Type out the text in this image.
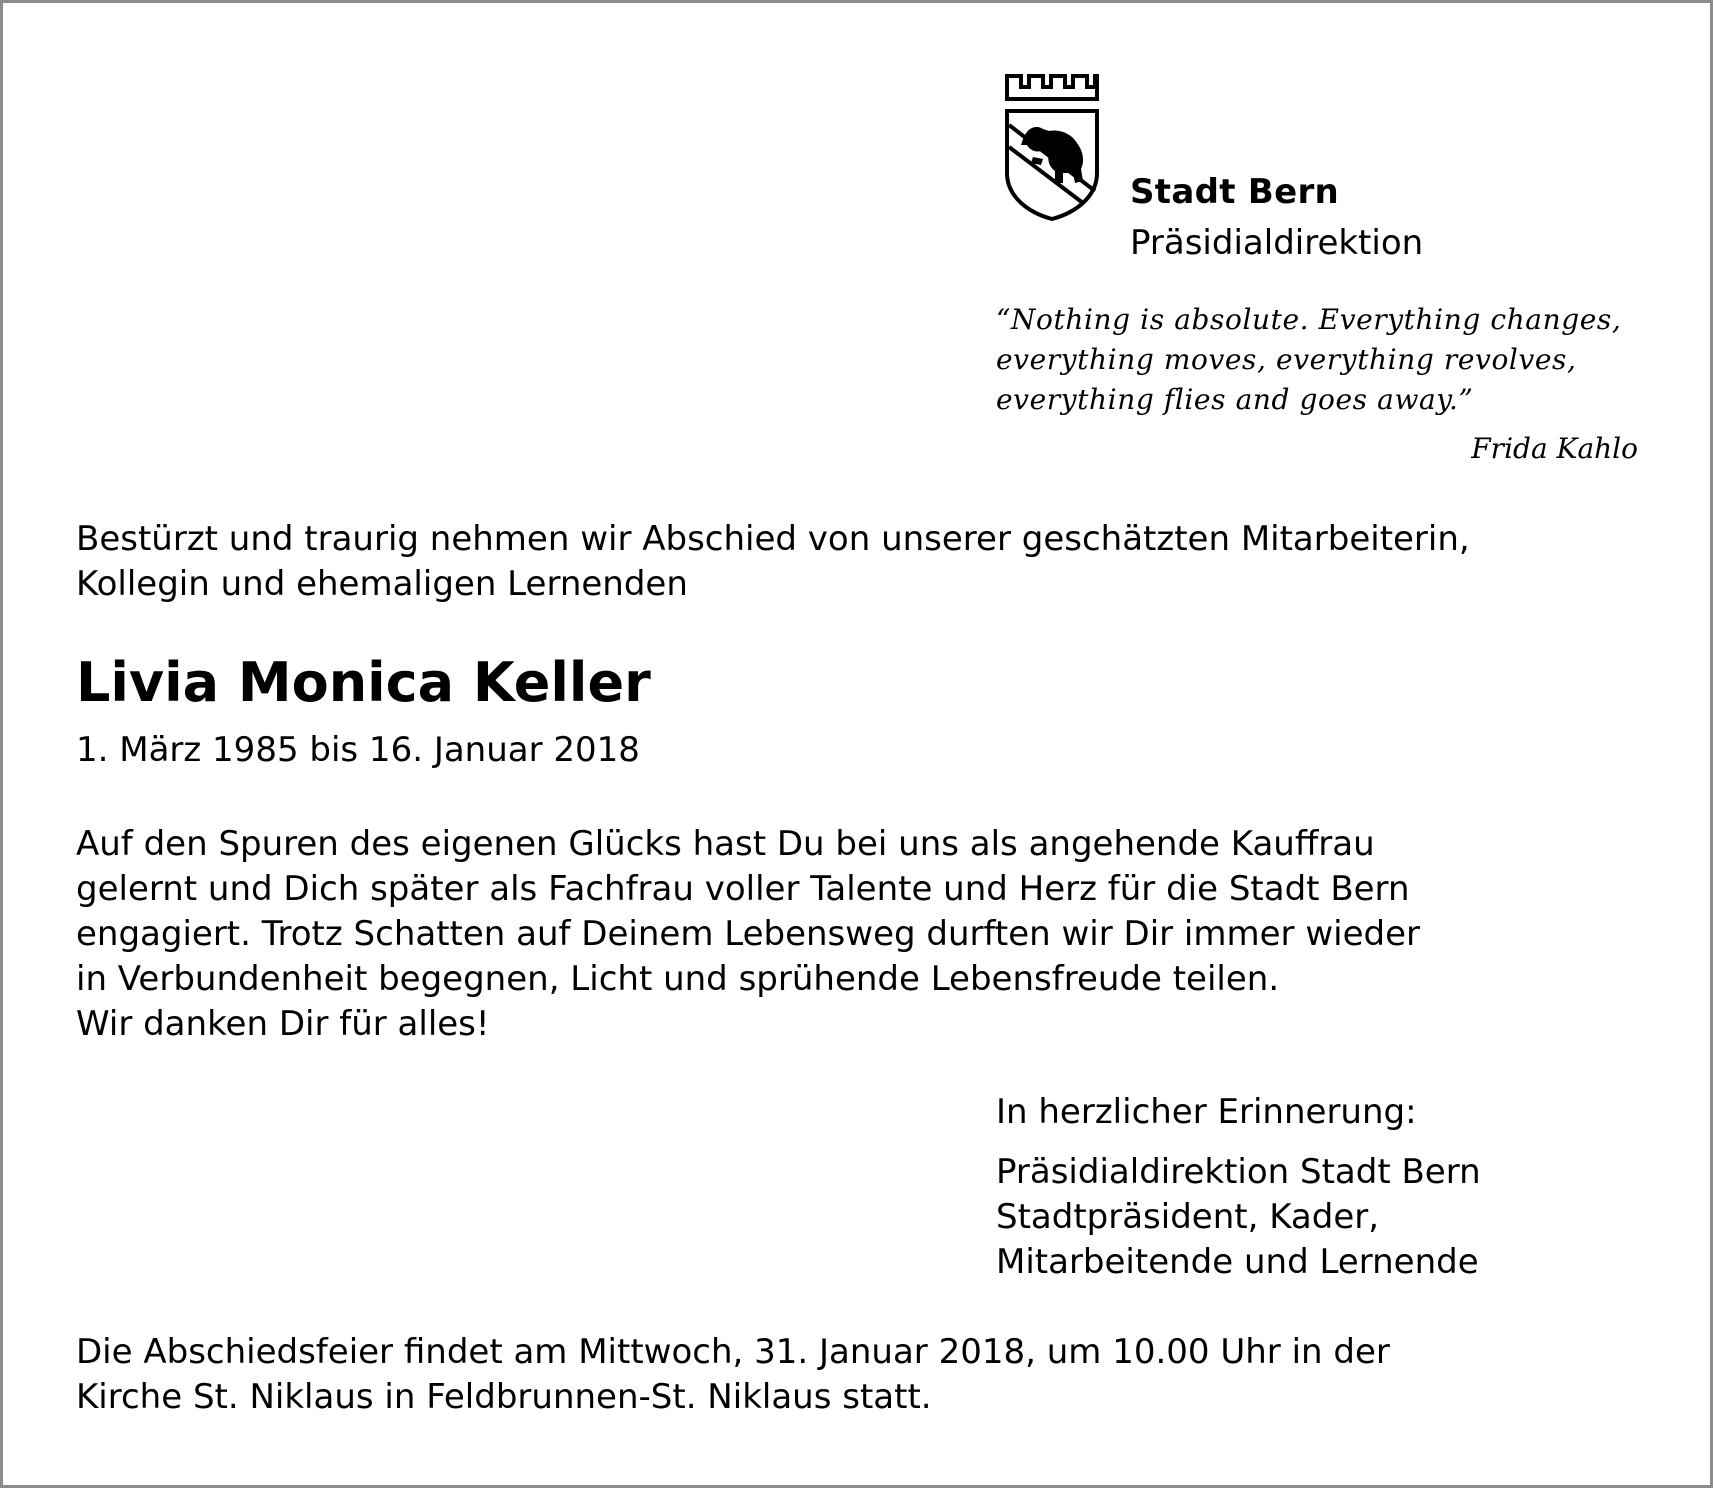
Stadt Bern
Präsidialdirektion
“Nothing is absolute. Everything changes,
everything moves, everything revolves,
everything flies and goes away.”
Frida Kahlo
Bestürzt und traurig nehmen wir Abschied von unserer geschätzten Mitarbeiterin,
Kollegin und ehemaligen Lernenden
Livia Monica Keller
1. März 1985 bis 16. Januar 2018
Auf den Spuren des eigenen Glücks hast Du bei uns als angehende Kauffrau
gelernt und Dich später als Fachfrau voller Talente und Herz für die Stadt Bern
engagiert. Trotz Schatten auf Deinem Lebensweg durften wir Dir immer wieder
in Verbundenheit begegnen, Licht und sprühende Lebensfreude teilen.
Wir danken Dir für alles!
In herzlicher Erinnerung:
Präsidialdirektion Stadt Bern
Stadtpräsident, Kader,
Mitarbeitende und Lernende
Die Abschiedsfeier findet am Mittwoch, 31. Januar 2018, um 10.00 Uhr in der
Kirche St. Niklaus in Feldbrunnen-St. Niklaus statt.
